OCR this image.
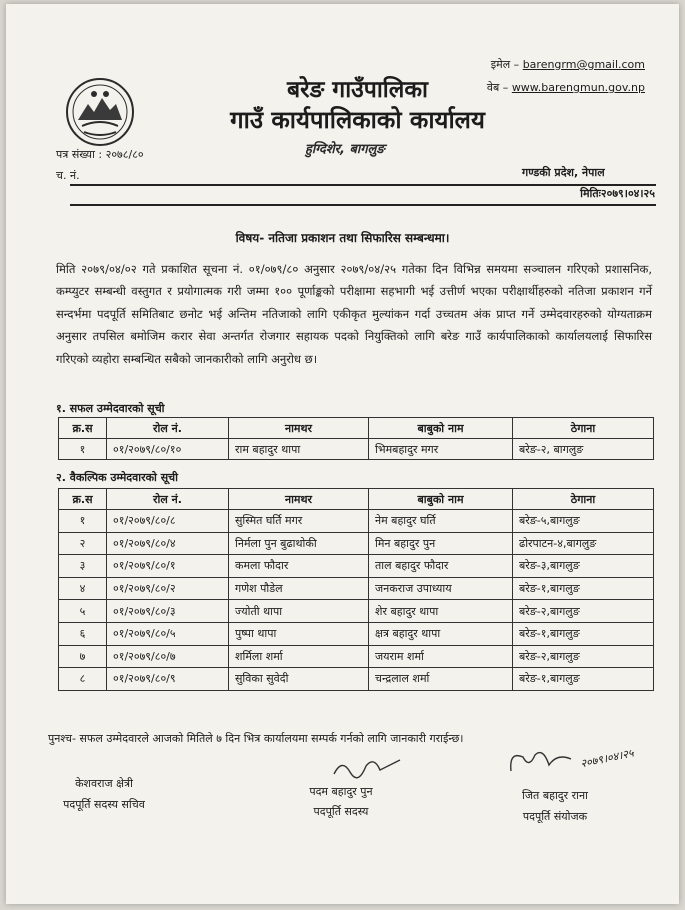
बरेङ गाउँपालिका
गाउँ कार्यपालिकाको कार्यालय
इमेल – barengrm@gmail.com
वेब – www.barengmun.gov.np
पत्र संख्या : २०७८/८०
च. नं.	गण्डकी प्रदेश, नेपाल
हुग्दिशेर, बागलुङ
मितिः२०७९।०४।२५
विषय- नतिजा प्रकाशन तथा सिफारिस सम्बन्धमा।
मिति २०७९/०४/०२ गते प्रकाशित सूचना नं. ०१/०७९/८० अनुसार २०७९/०४/२५ गतेका दिन विभिन्न समयमा सञ्चालन गरिएको प्रशासनिक, कम्प्युटर सम्बन्धी वस्तुगत र प्रयोगात्मक गरी जम्मा १०० पूर्णाङ्कको परीक्षामा सहभागी भई उत्तीर्ण भएका परीक्षार्थीहरुको नतिजा प्रकाशन गर्ने सन्दर्भमा पदपूर्ति समितिबाट छनोट भई अन्तिम नतिजाको लागि एकीकृत मुल्यांकन गर्दा उच्चतम अंक प्राप्त गर्ने उम्मेदवारहरुको योग्यताक्रम अनुसार तपसिल बमोजिम करार सेवा अन्तर्गत रोजगार सहायक पदको नियुक्तिको लागि बरेङ गाउँ कार्यपालिकाको कार्यालयलाई सिफारिस गरिएको व्यहोरा सम्बन्धित सबैको जानकारीको लागि अनुरोध छ।
१. सफल उम्मेदवारको सूची
क्र.स	रोल नं.	नामथर	बाबुको नाम	ठेगाना
१	०१/२०७९/८०/१०	राम बहादुर थापा	भिमबहादुर मगर	बरेङ-२, बागलुङ
२. वैकल्पिक उम्मेदवारको सूची
क्र.स	रोल नं.	नामथर	बाबुको नाम	ठेगाना
१	०१/२०७९/८०/८	सुस्मित घर्ति मगर	नेम बहादुर घर्ति	बरेङ-५,बागलुङ
२	०१/२०७९/८०/४	निर्मला पुन बुढाथोकी	मिन बहादुर पुन	ढोरपाटन-४,बागलुङ
३	०१/२०७९/८०/१	कमला फौदार	ताल बहादुर फौदार	बरेङ-३,बागलुङ
४	०१/२०७९/८०/२	गणेश पौडेल	जनकराज उपाध्याय	बरेङ-१,बागलुङ
५	०१/२०७९/८०/३	ज्योती थापा	शेर बहादुर थापा	बरेङ-२,बागलुङ
६	०१/२०७९/८०/५	पुष्पा थापा	क्षत्र बहादुर थापा	बरेङ-१,बागलुङ
७	०१/२०७९/८०/७	शर्मिला शर्मा	जयराम शर्मा	बरेङ-२,बागलुङ
८	०१/२०७९/८०/९	सुविका सुवेदी	चन्द्रलाल शर्मा	बरेङ-१,बागलुङ
पुनश्च- सफल उम्मेदवारले आजको मितिले ७ दिन भित्र कार्यालयमा सम्पर्क गर्नको लागि जानकारी गराईन्छ।
२०७९।०४।२५
केशवराज क्षेत्री
पदपूर्ति सदस्य सचिव
पदम बहादुर पुन
पदपूर्ति सदस्य
जित बहादुर राना
पदपूर्ति संयोजक
